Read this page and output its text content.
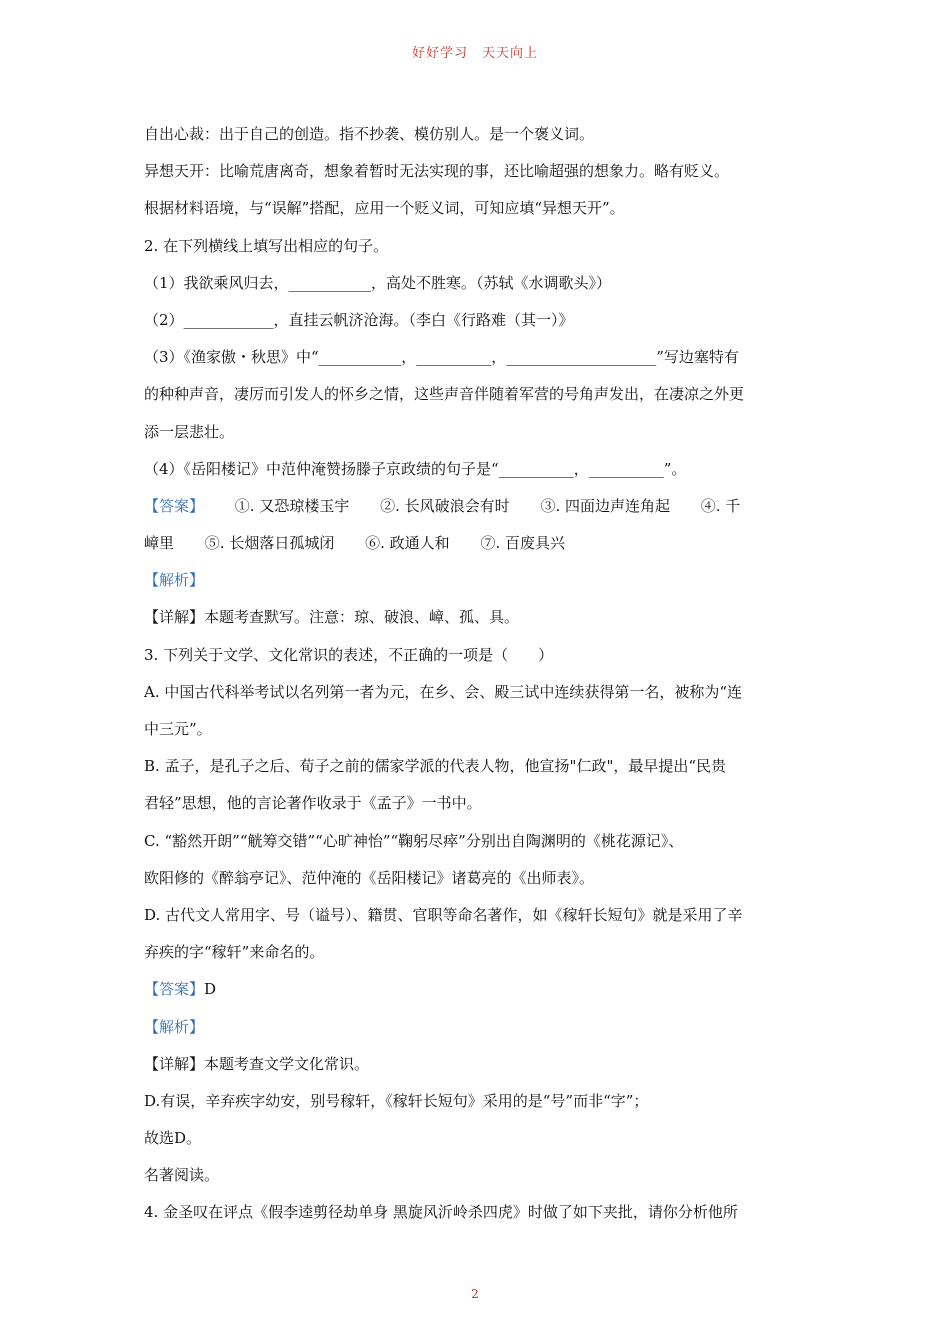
好好学习　天天向上
自出心裁：出于自己的创造。指不抄袭、模仿别人。是一个褒义词。
异想天开：比喻荒唐离奇，想象着暂时无法实现的事，还比喻超强的想象力。略有贬义。
根据材料语境，与“误解”搭配，应用一个贬义词，可知应填“异想天开”。
2. 在下列横线上填写出相应的句子。
（1）我欲乘风归去，___________，高处不胜寒。（苏轼《水调歌头》）
（2）____________，直挂云帆济沧海。（李白《行路难（其一）》
（3）《渔家傲・秋思》中“___________，__________，____________________”写边塞特有
的种种声音，凄厉而引发人的怀乡之情，这些声音伴随着军营的号角声发出，在凄凉之外更
添一层悲壮。
（4）《岳阳楼记》中范仲淹赞扬滕子京政绩的句子是“__________，__________”。
【答案】 ①. 又恐琼楼玉宇 ②. 长风破浪会有时 ③. 四面边声连角起 ④. 千
嶂里 ⑤. 长烟落日孤城闭 ⑥. 政通人和 ⑦. 百废具兴
【解析】
【详解】本题考查默写。注意：琼、破浪、嶂、孤、具。
3. 下列关于文学、文化常识的表述，不正确的一项是（　　）
A. 中国古代科举考试以名列第一者为元，在乡、会、殿三试中连续获得第一名，被称为“连
中三元”。
B. 孟子，是孔子之后、荀子之前的儒家学派的代表人物，他宣扬"仁政"，最早提出“民贵
君轻”思想，他的言论著作收录于《孟子》一书中。
C. “豁然开朗”“觥筹交错”“心旷神怡”“鞠躬尽瘁”分别出自陶渊明的《桃花源记》、
欧阳修的《醉翁亭记》、范仲淹的《岳阳楼记》诸葛亮的《出师表》。
D. 古代文人常用字、号（谥号）、籍贯、官职等命名著作，如《稼轩长短句》就是采用了辛
弃疾的字“稼轩”来命名的。
【答案】D
【解析】
【详解】本题考查文学文化常识。
D.有误，辛弃疾字幼安，别号稼轩，《稼轩长短句》采用的是“号”而非“字”；
故选D。
名著阅读。
4. 金圣叹在评点《假李逵剪径劫单身 黑旋风沂岭杀四虎》时做了如下夹批，请你分析他所
2
